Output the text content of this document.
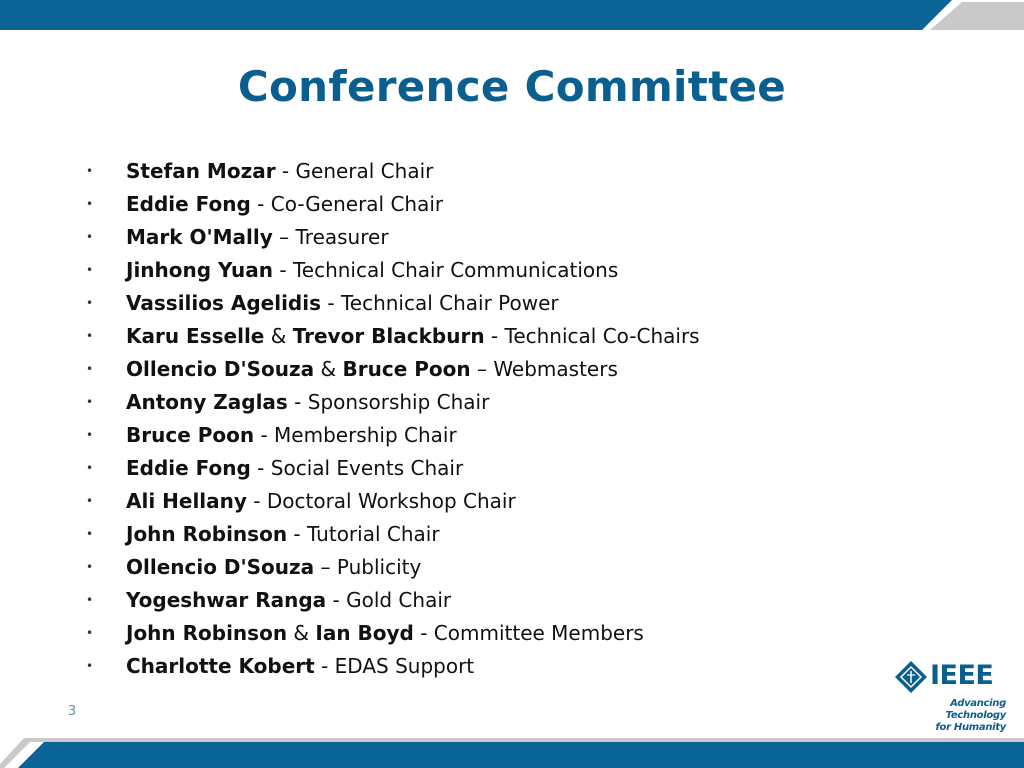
Conference Committee
• Stefan Mozar - General Chair
• Eddie Fong - Co-General Chair
• Mark O'Mally – Treasurer
• Jinhong Yuan - Technical Chair Communications
• Vassilios Agelidis - Technical Chair Power
• Karu Esselle & Trevor Blackburn - Technical Co-Chairs
• Ollencio D'Souza & Bruce Poon – Webmasters
• Antony Zaglas - Sponsorship Chair
• Bruce Poon - Membership Chair
• Eddie Fong - Social Events Chair
• Ali Hellany - Doctoral Workshop Chair
• John Robinson - Tutorial Chair
• Ollencio D'Souza – Publicity
• Yogeshwar Ranga - Gold Chair
• John Robinson & Ian Boyd - Committee Members
• Charlotte Kobert - EDAS Support
3
IEEE
Advancing Technology
for Humanity
